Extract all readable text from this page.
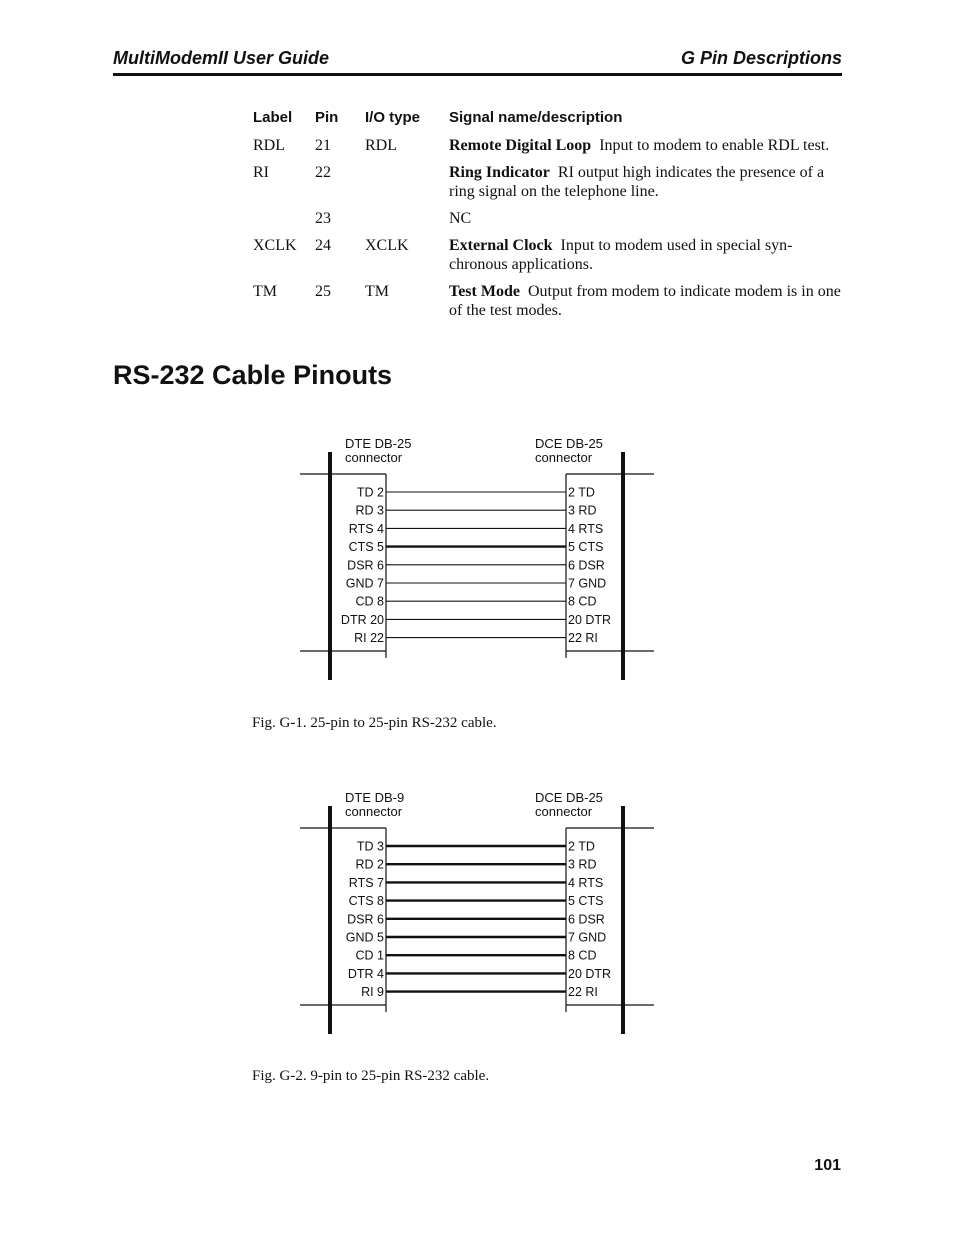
MultiModemII User Guide	G Pin Descriptions
Label	Pin	I/O type	Signal name/description
RDL	21	RDL	Remote Digital Loop Input to modem to enable RDL test.
RI	22		Ring Indicator RI output high indicates the presence of a ring signal on the telephone line.
	23		NC
XCLK	24	XCLK	External Clock Input to modem used in special syn-chronous applications.
TM	25	TM	Test Mode Output from modem to indicate modem is in one of the test modes.
RS-232 Cable Pinouts
DTE DB-25
connector
DCE DB-25
connector
TD 2	2 TD
RD 3	3 RD
RTS 4	4 RTS
CTS 5	5 CTS
DSR 6	6 DSR
GND 7	7 GND
CD 8	8 CD
DTR 20	20 DTR
RI 22	22 RI
Fig. G-1. 25-pin to 25-pin RS-232 cable.
DTE DB-9
connector
DCE DB-25
connector
TD 3	2 TD
RD 2	3 RD
RTS 7	4 RTS
CTS 8	5 CTS
DSR 6	6 DSR
GND 5	7 GND
CD 1	8 CD
DTR 4	20 DTR
RI 9	22 RI
Fig. G-2. 9-pin to 25-pin RS-232 cable.
101
